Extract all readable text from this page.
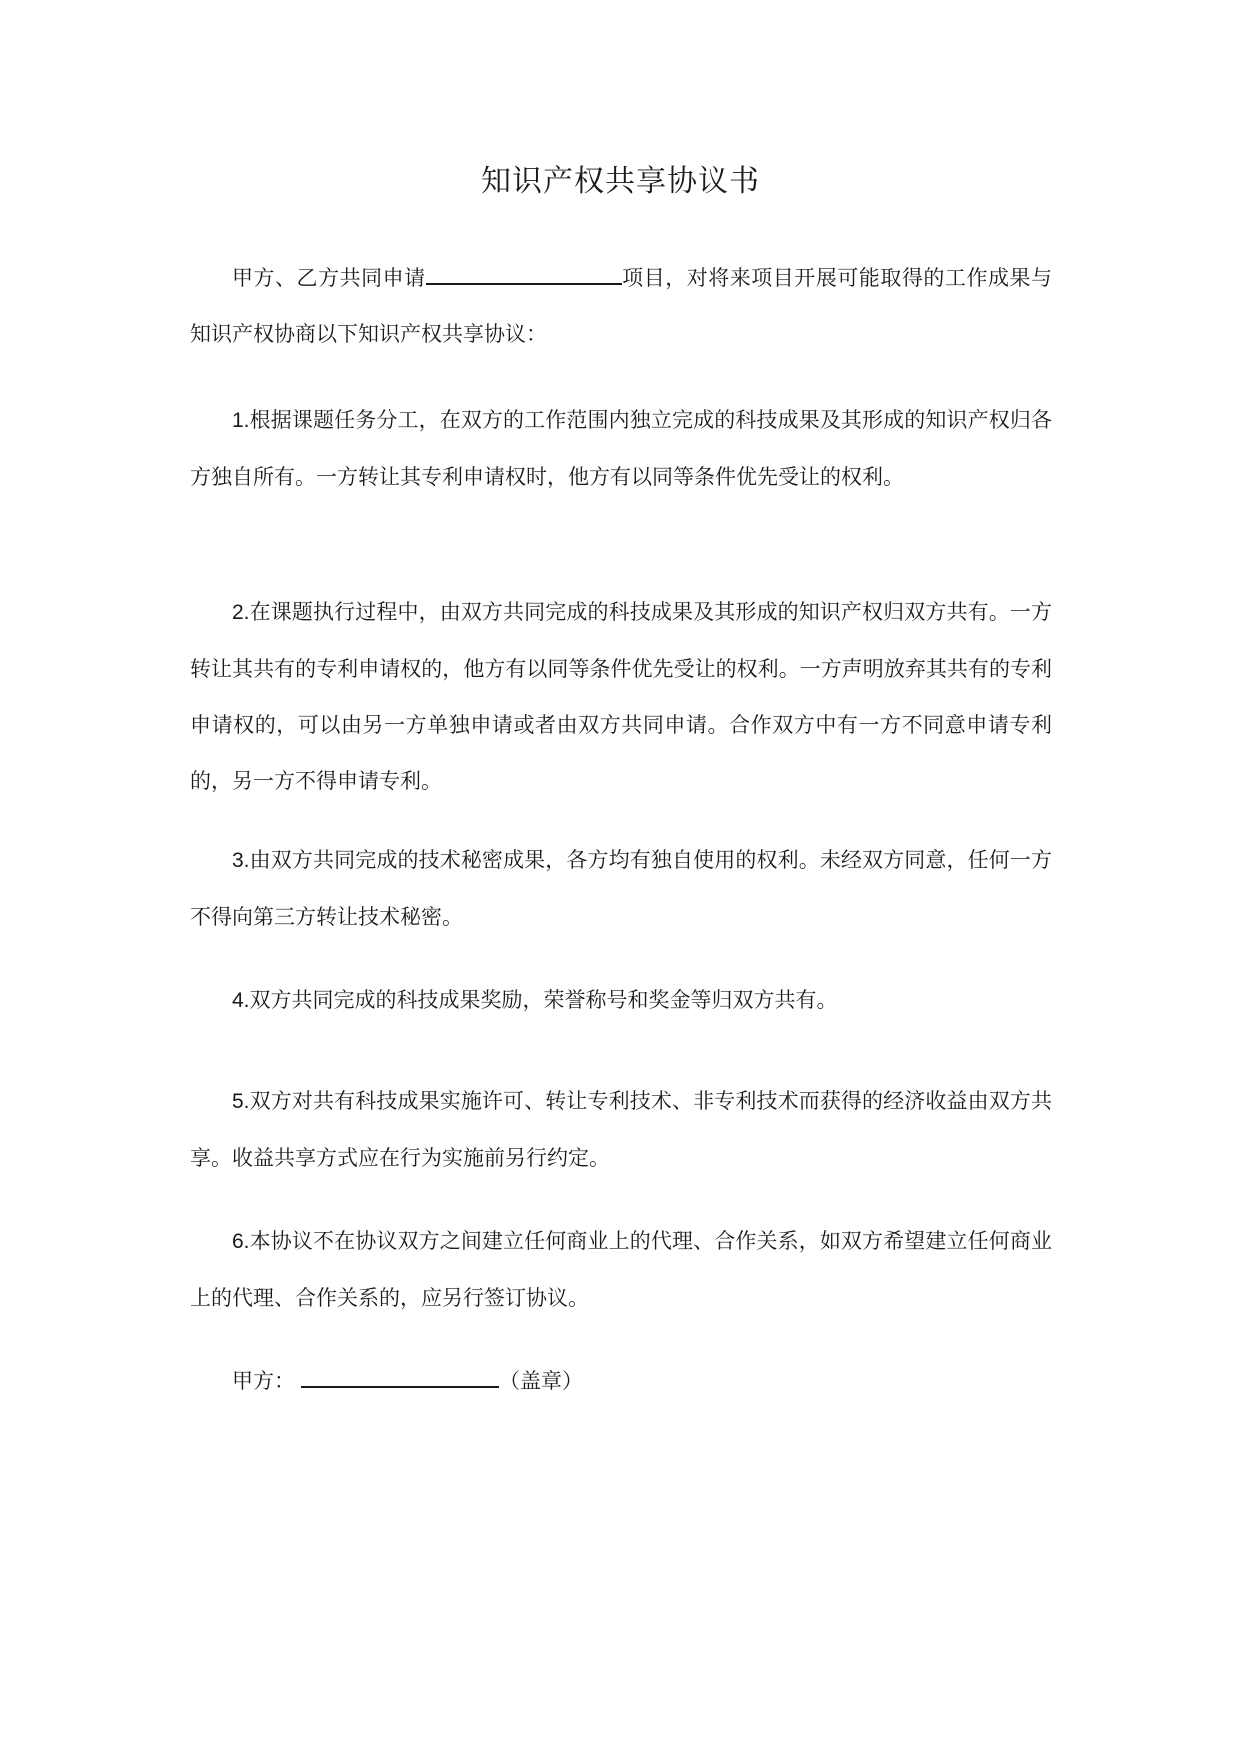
知识产权共享协议书

甲方、乙方共同申请	项目，对将来项目开展可能取得的工作成果与知识产权协商以下知识产权共享协议：

1.根据课题任务分工，在双方的工作范围内独立完成的科技成果及其形成的知识产权归各方独自所有。一方转让其专利申请权时，他方有以同等条件优先受让的权利。

2.在课题执行过程中，由双方共同完成的科技成果及其形成的知识产权归双方共有。一方转让其共有的专利申请权的，他方有以同等条件优先受让的权利。一方声明放弃其共有的专利申请权的，可以由另一方单独申请或者由双方共同申请。合作双方中有一方不同意申请专利的，另一方不得申请专利。

3.由双方共同完成的技术秘密成果，各方均有独自使用的权利。未经双方同意，任何一方不得向第三方转让技术秘密。

4.双方共同完成的科技成果奖励，荣誉称号和奖金等归双方共有。

5.双方对共有科技成果实施许可、转让专利技术、非专利技术而获得的经济收益由双方共享。收益共享方式应在行为实施前另行约定。

6.本协议不在协议双方之间建立任何商业上的代理、合作关系，如双方希望建立任何商业上的代理、合作关系的，应另行签订协议。

甲方：	（盖章）
